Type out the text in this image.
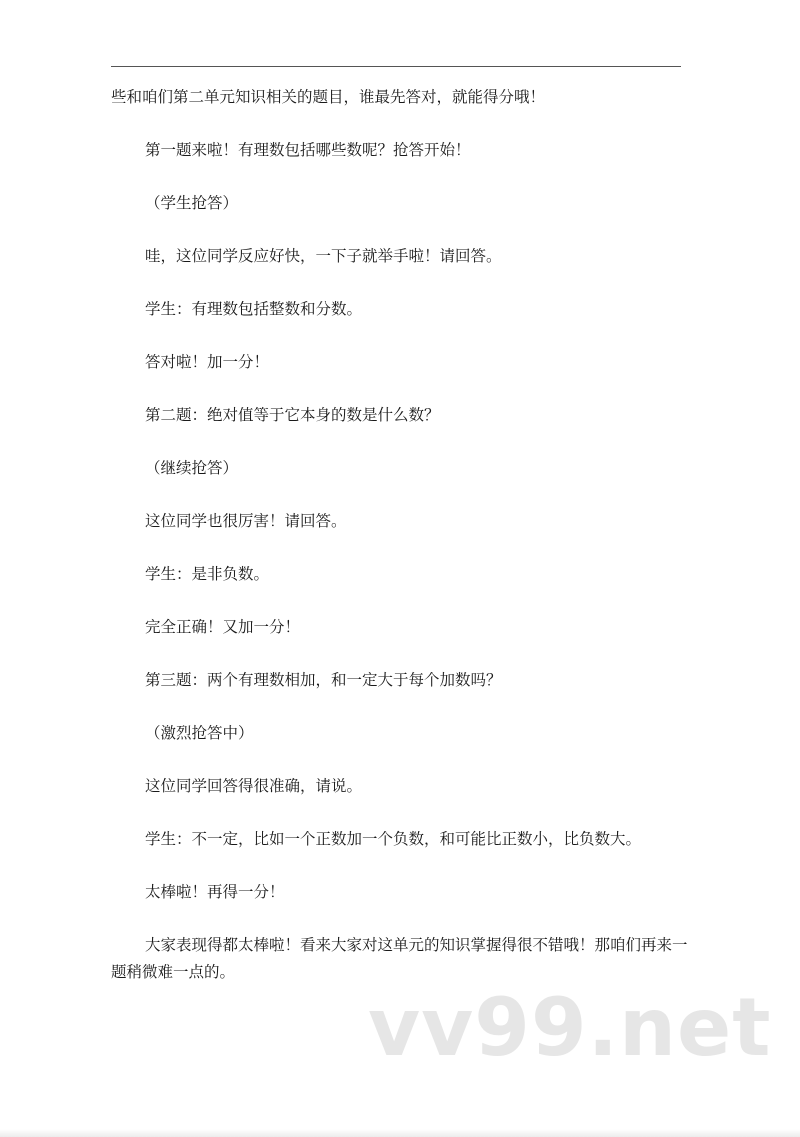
些和咱们第二单元知识相关的题目，谁最先答对，就能得分哦！

第一题来啦！有理数包括哪些数呢？抢答开始！

（学生抢答）

哇，这位同学反应好快，一下子就举手啦！请回答。

学生：有理数包括整数和分数。

答对啦！加一分！

第二题：绝对值等于它本身的数是什么数？

（继续抢答）

这位同学也很厉害！请回答。

学生：是非负数。

完全正确！又加一分！

第三题：两个有理数相加，和一定大于每个加数吗？

（激烈抢答中）

这位同学回答得很准确，请说。

学生：不一定，比如一个正数加一个负数，和可能比正数小，比负数大。

太棒啦！再得一分！

大家表现得都太棒啦！看来大家对这单元的知识掌握得很不错哦！那咱们再来一题稍微难一点的。

vv99.net
